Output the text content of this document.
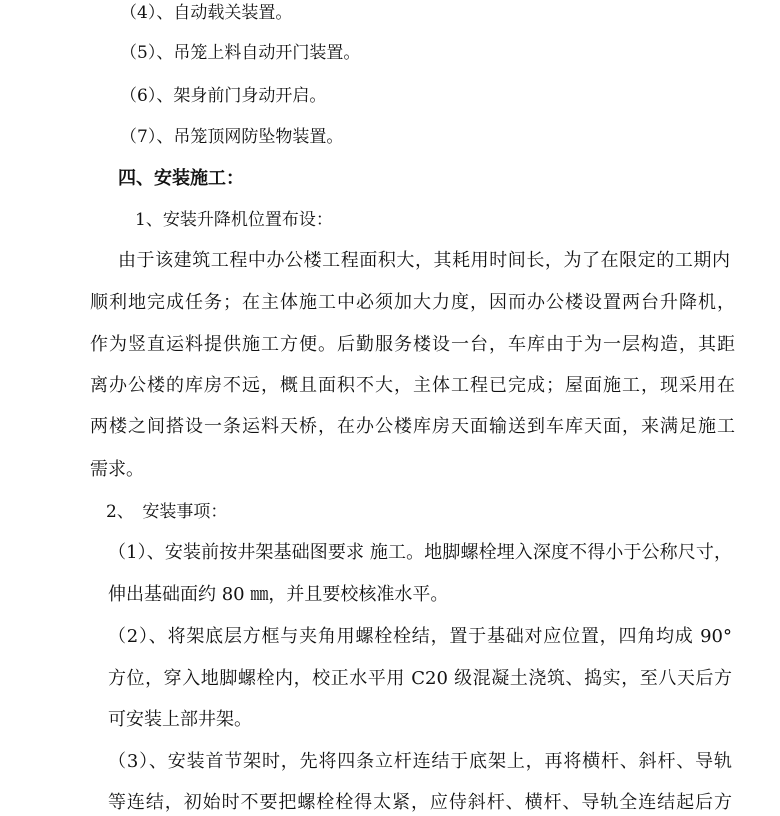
（4）、自动载关装置。
（5）、吊笼上料自动开门装置。
（6）、架身前门身动开启。
（7）、吊笼顶网防坠物装置。
四、安装施工：
1、安装升降机位置布设：
由于该建筑工程中办公楼工程面积大，其耗用时间长，为了在限定的工期内
顺利地完成任务；在主体施工中必须加大力度，因而办公楼设置两台升降机，
作为竖直运料提供施工方便。后勤服务楼设一台，车库由于为一层构造，其距
离办公楼的库房不远，概且面积不大，主体工程已完成；屋面施工，现采用在
两楼之间搭设一条运料天桥，在办公楼库房天面输送到车库天面，来满足施工
需求。
2、　安装事项：
（1）、安装前按井架基础图要求 施工。地脚螺栓埋入深度不得小于公称尺寸，
伸出基础面约 80 ㎜，并且要校核准水平。
（2）、将架底层方框与夹角用螺栓栓结，置于基础对应位置，四角均成 90°
方位，穿入地脚螺栓内，校正水平用 C20 级混凝土浇筑、捣实，至八天后方
可安装上部井架。
（3）、安装首节架时，先将四条立杆连结于底架上，再将横杆、斜杆、导轨
等连结，初始时不要把螺栓栓得太紧，应侍斜杆、横杆、导轨全连结起后方
